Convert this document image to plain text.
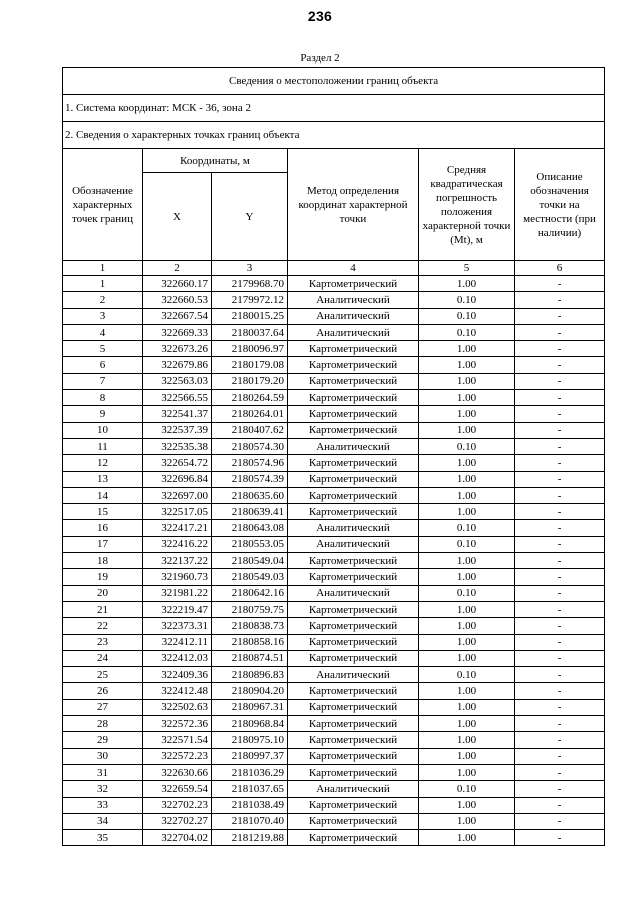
236
Раздел 2
Сведения о местоположении границ объекта					
1. Система координат: МСК - 36, зона 2					
2. Сведения о характерных точках границ объекта					
Обозначение характерных точек границ	Координаты, м		Метод определения координат характерной точки	Средняя квадратическая погрешность положения характерной точки (Mt), м	Описание обозначения точки на местности (при наличии)
	X	Y			
1	2	3	4	5	6
1	322660.17	2179968.70	Картометрический	1.00	-
2	322660.53	2179972.12	Аналитический	0.10	-
3	322667.54	2180015.25	Аналитический	0.10	-
4	322669.33	2180037.64	Аналитический	0.10	-
5	322673.26	2180096.97	Картометрический	1.00	-
6	322679.86	2180179.08	Картометрический	1.00	-
7	322563.03	2180179.20	Картометрический	1.00	-
8	322566.55	2180264.59	Картометрический	1.00	-
9	322541.37	2180264.01	Картометрический	1.00	-
10	322537.39	2180407.62	Картометрический	1.00	-
11	322535.38	2180574.30	Аналитический	0.10	-
12	322654.72	2180574.96	Картометрический	1.00	-
13	322696.84	2180574.39	Картометрический	1.00	-
14	322697.00	2180635.60	Картометрический	1.00	-
15	322517.05	2180639.41	Картометрический	1.00	-
16	322417.21	2180643.08	Аналитический	0.10	-
17	322416.22	2180553.05	Аналитический	0.10	-
18	322137.22	2180549.04	Картометрический	1.00	-
19	321960.73	2180549.03	Картометрический	1.00	-
20	321981.22	2180642.16	Аналитический	0.10	-
21	322219.47	2180759.75	Картометрический	1.00	-
22	322373.31	2180838.73	Картометрический	1.00	-
23	322412.11	2180858.16	Картометрический	1.00	-
24	322412.03	2180874.51	Картометрический	1.00	-
25	322409.36	2180896.83	Аналитический	0.10	-
26	322412.48	2180904.20	Картометрический	1.00	-
27	322502.63	2180967.31	Картометрический	1.00	-
28	322572.36	2180968.84	Картометрический	1.00	-
29	322571.54	2180975.10	Картометрический	1.00	-
30	322572.23	2180997.37	Картометрический	1.00	-
31	322630.66	2181036.29	Картометрический	1.00	-
32	322659.54	2181037.65	Аналитический	0.10	-
33	322702.23	2181038.49	Картометрический	1.00	-
34	322702.27	2181070.40	Картометрический	1.00	-
35	322704.02	2181219.88	Картометрический	1.00	-
